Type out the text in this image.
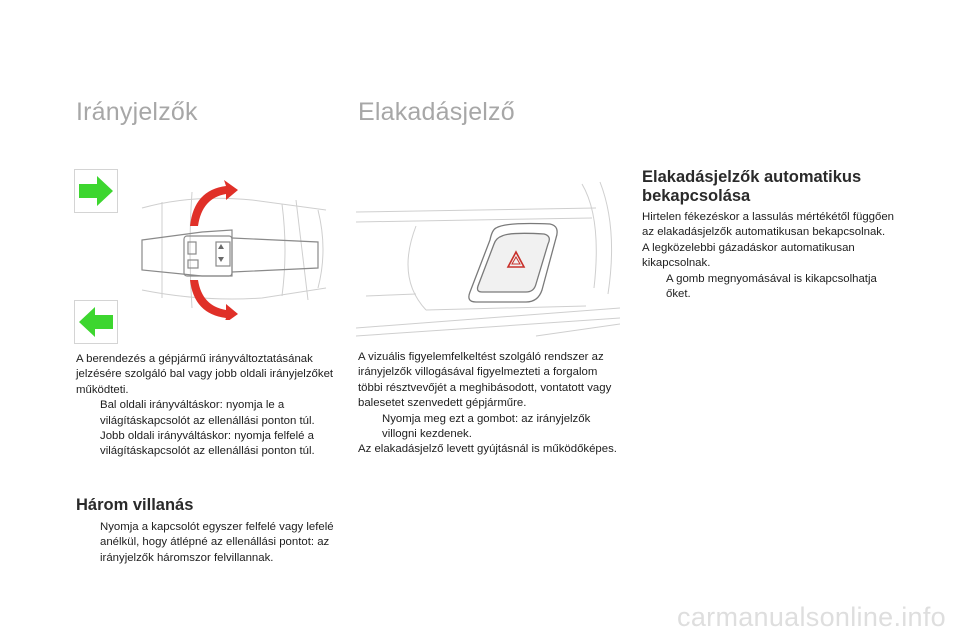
Irányjelzők

A berendezés a gépjármű irányváltoztatásának jelzésére szolgáló bal vagy jobb oldali irányjelzőket működteti.

Bal oldali irányváltáskor: nyomja le a világításkapcsolót az ellenállási ponton túl.
Jobb oldali irányváltáskor: nyomja felfelé a világításkapcsolót az ellenállási ponton túl.
Három villanás
Nyomja a kapcsolót egyszer felfelé vagy lefelé anélkül, hogy átlépné az ellenállási pontot: az irányjelzők háromszor felvillannak.
Elakadásjelző

A vizuális figyelemfelkeltést szolgáló rendszer az irányjelzők villogásával figyelmezteti a forgalom többi résztvevőjét a meghibásodott, vontatott vagy balesetet szenvedett gépjárműre.

Nyomja meg ezt a gombot: az irányjelzők villogni kezdenek.

Az elakadásjelző levett gyújtásnál is működőképes.

Elakadásjelzők automatikus bekapcsolása

Hirtelen fékezéskor a lassulás mértékétől függően az elakadásjelzők automatikusan bekapcsolnak.

A legközelebbi gázadáskor automatikusan kikapcsolnak.

A gomb megnyomásával is kikapcsolhatja őket.
carmanualsonline.info
